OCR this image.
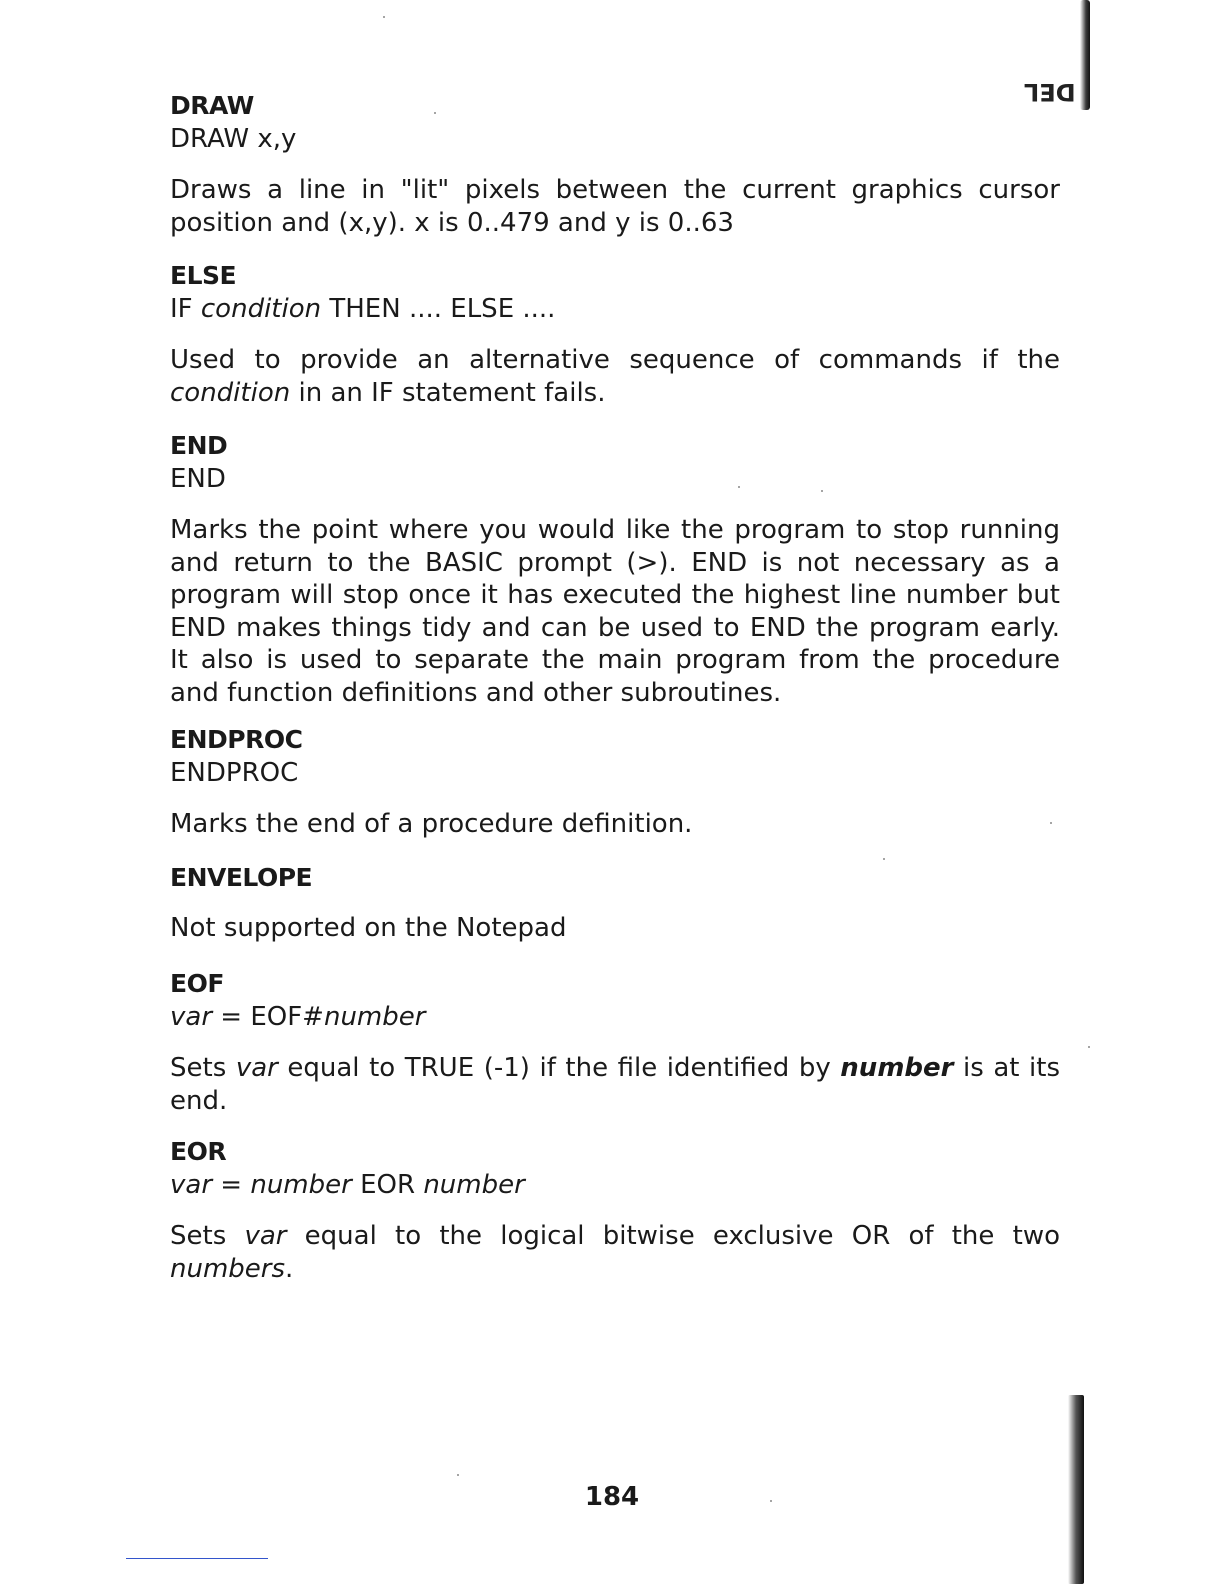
DEL
DRAW

DRAW x,y

Draws a line in "lit" pixels between the current graphics cursor position and (x,y). x is 0..479 and y is 0..63

ELSE

IF condition THEN .... ELSE ....

Used to provide an alternative sequence of commands if the condition in an IF statement fails.

END

END

Marks the point where you would like the program to stop running and return to the BASIC prompt (>). END is not necessary as a program will stop once it has executed the highest line number but END makes things tidy and can be used to END the program early. It also is used to separate the main program from the procedure and function definitions and other subroutines.

ENDPROC

ENDPROC

Marks the end of a procedure definition.

ENVELOPE

Not supported on the Notepad

EOF

var = EOF#number

Sets var equal to TRUE (-1) if the file identified by number is at its end.

EOR

var = number EOR number

Sets var equal to the logical bitwise exclusive OR of the two numbers.

184
